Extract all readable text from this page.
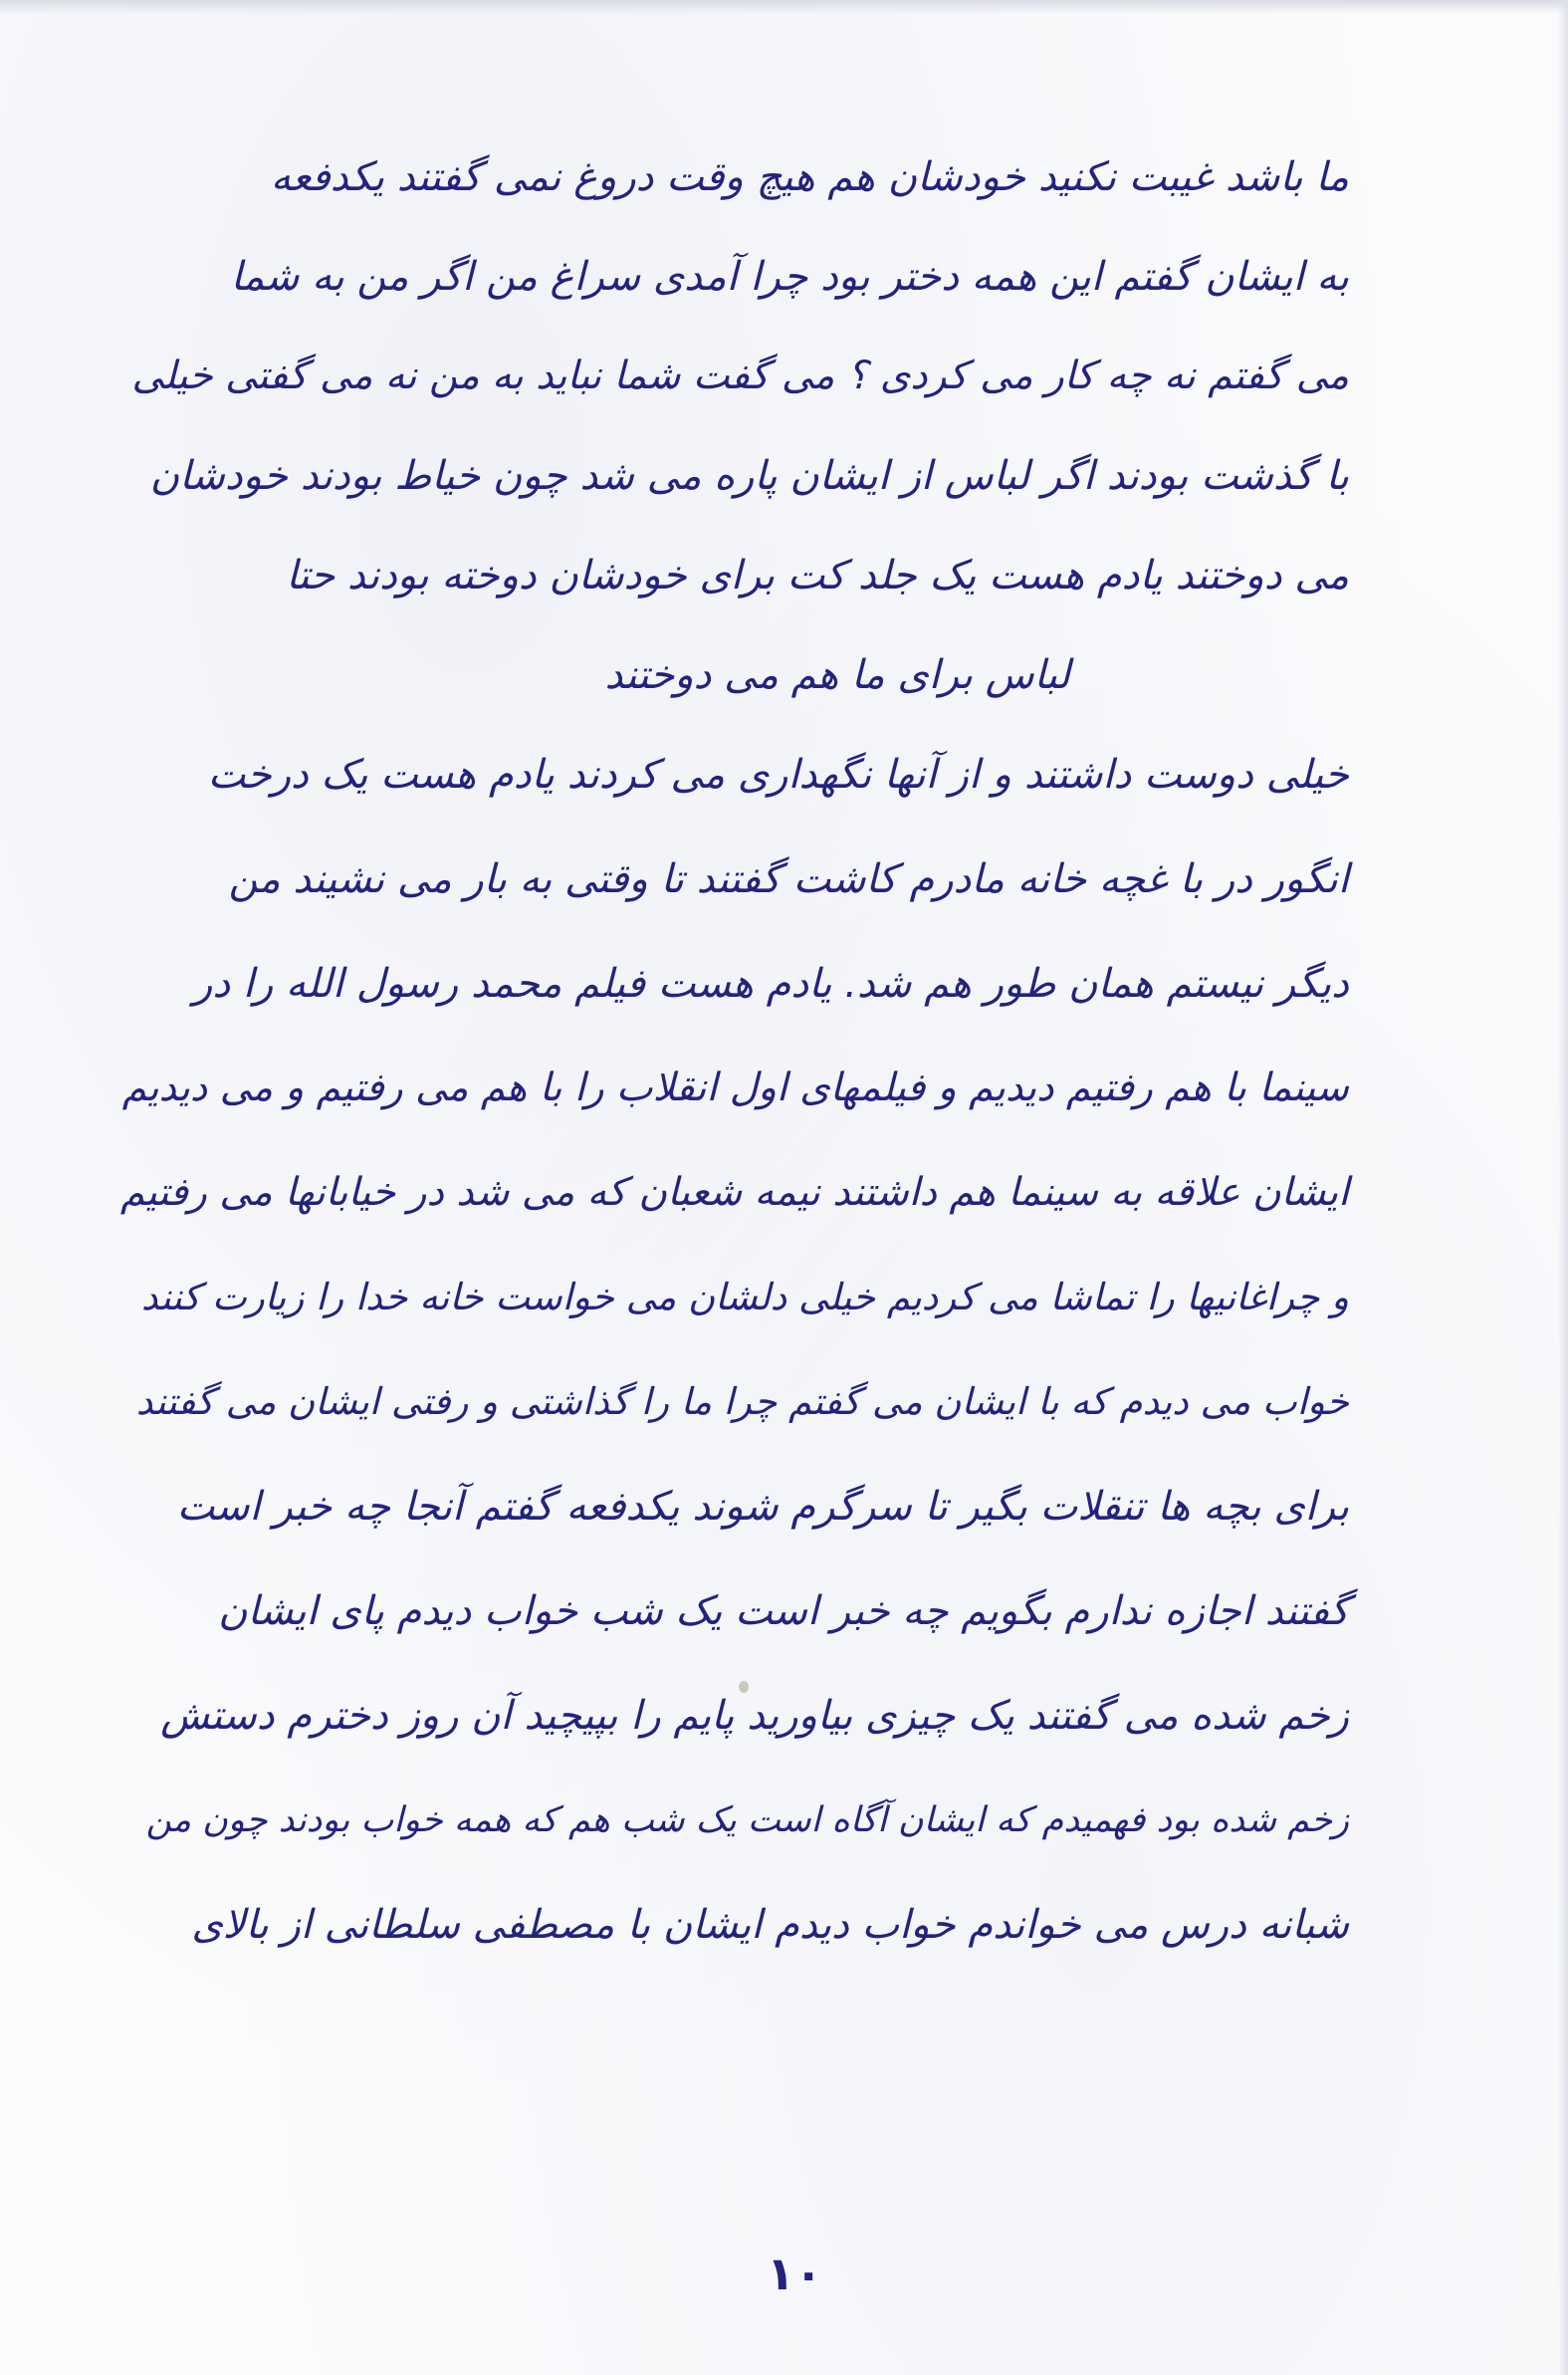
ما باشد غیبت نکنید خودشان هم هیچ وقت دروغ نمی گفتند یکدفعه
به ایشان گفتم این همه دختر بود چرا آمدی سراغ من اگر من به شما
می گفتم نه چه کار می کردی ؟ می گفت شما نباید به من نه می گفتی خیلی
با گذشت بودند اگر لباس از ایشان پاره می شد چون خیاط بودند خودشان
می دوختند یادم هست یک جلد کت برای خودشان دوخته بودند حتا
لباس برای ما هم می دوختند
خیلی دوست داشتند و از آنها نگهداری می کردند یادم هست یک درخت
انگور در با غچه خانه مادرم کاشت گفتند تا وقتی به بار می نشیند من
دیگر نیستم همان طور هم شد. یادم هست فیلم محمد رسول الله را در
سینما با هم رفتیم دیدیم و فیلمهای اول انقلاب را با هم می رفتیم و می دیدیم
ایشان علاقه به سینما هم داشتند نیمه شعبان که می شد در خیابانها می رفتیم
و چراغانیها را تماشا می کردیم خیلی دلشان می خواست خانه خدا را زیارت کنند
خواب می دیدم که با ایشان می گفتم چرا ما را گذاشتی و رفتی ایشان می گفتند
برای بچه ها تنقلات بگیر تا سرگرم شوند یکدفعه گفتم آنجا چه خبر است
گفتند اجازه ندارم بگویم چه خبر است یک شب خواب دیدم پای ایشان
زخم شده می گفتند یک چیزی بیاورید پایم را بپیچید آن روز دخترم دستش
زخم شده بود فهمیدم که ایشان آگاه است یک شب هم که همه خواب بودند چون من
شبانه درس می خواندم خواب دیدم ایشان با مصطفی سلطانی از بالای
۱۰
